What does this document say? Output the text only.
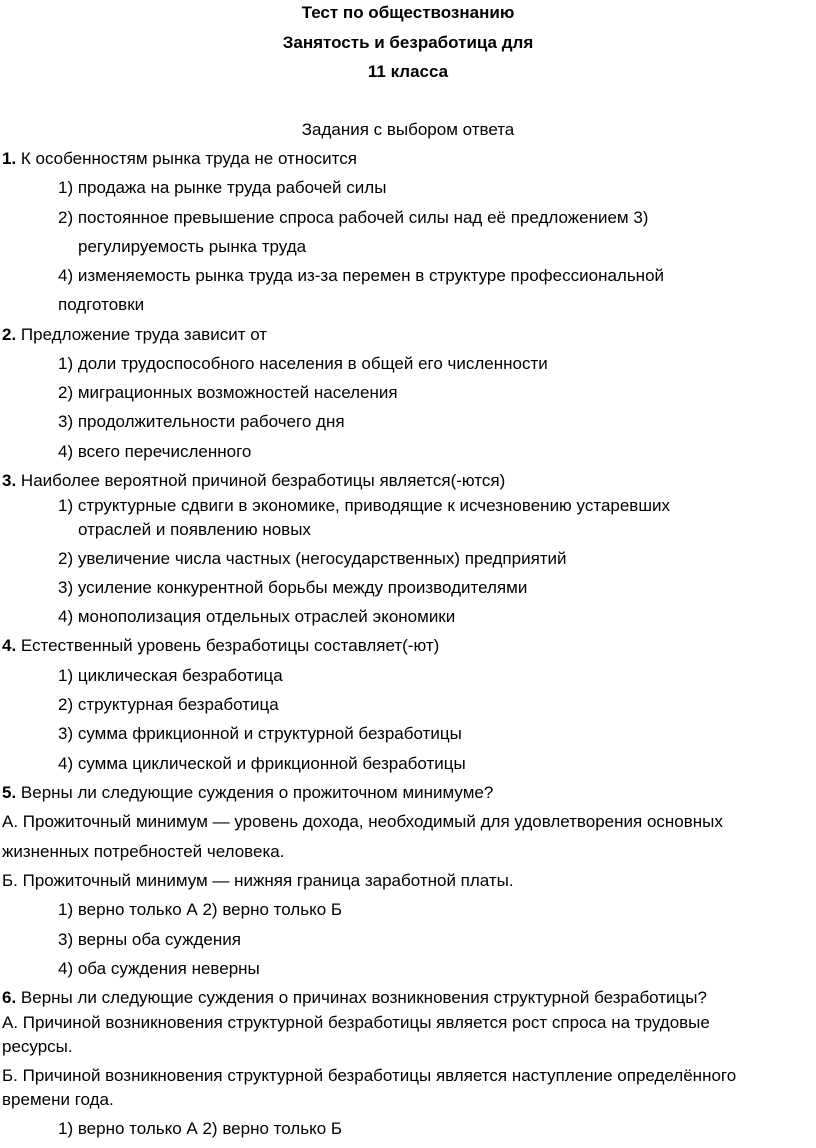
Тест по обществознанию
Занятость и безработица для
11 класса
Задания с выбором ответа
1. К особенностям рынка труда не относится
1) продажа на рынке труда рабочей силы
2) постоянное превышение спроса рабочей силы над её предложением 3)
регулируемость рынка труда
4) изменяемость рынка труда из-за перемен в структуре профессиональной
подготовки
2. Предложение труда зависит от
1) доли трудоспособного населения в общей его численности
2) миграционных возможностей населения
3) продолжительности рабочего дня
4) всего перечисленного
3. Наиболее вероятной причиной безработицы является(-ются)
1) структурные сдвиги в экономике, приводящие к исчезновению устаревших
отраслей и появлению новых
2) увеличение числа частных (негосударственных) предприятий
3) усиление конкурентной борьбы между производителями
4) монополизация отдельных отраслей экономики
4. Естественный уровень безработицы составляет(-ют)
1) циклическая безработица
2) структурная безработица
3) сумма фрикционной и структурной безработицы
4) сумма циклической и фрикционной безработицы
5. Верны ли следующие суждения о прожиточном минимуме?
А. Прожиточный минимум — уровень дохода, необходимый для удовлетворения основных
жизненных потребностей человека.
Б. Прожиточный минимум — нижняя граница заработной платы.
1) верно только А 2) верно только Б
3) верны оба суждения
4) оба суждения неверны
6. Верны ли следующие суждения о причинах возникновения структурной безработицы?
А. Причиной возникновения структурной безработицы является рост спроса на трудовые
ресурсы.
Б. Причиной возникновения структурной безработицы является наступление определённого
времени года.
1) верно только А 2) верно только Б
